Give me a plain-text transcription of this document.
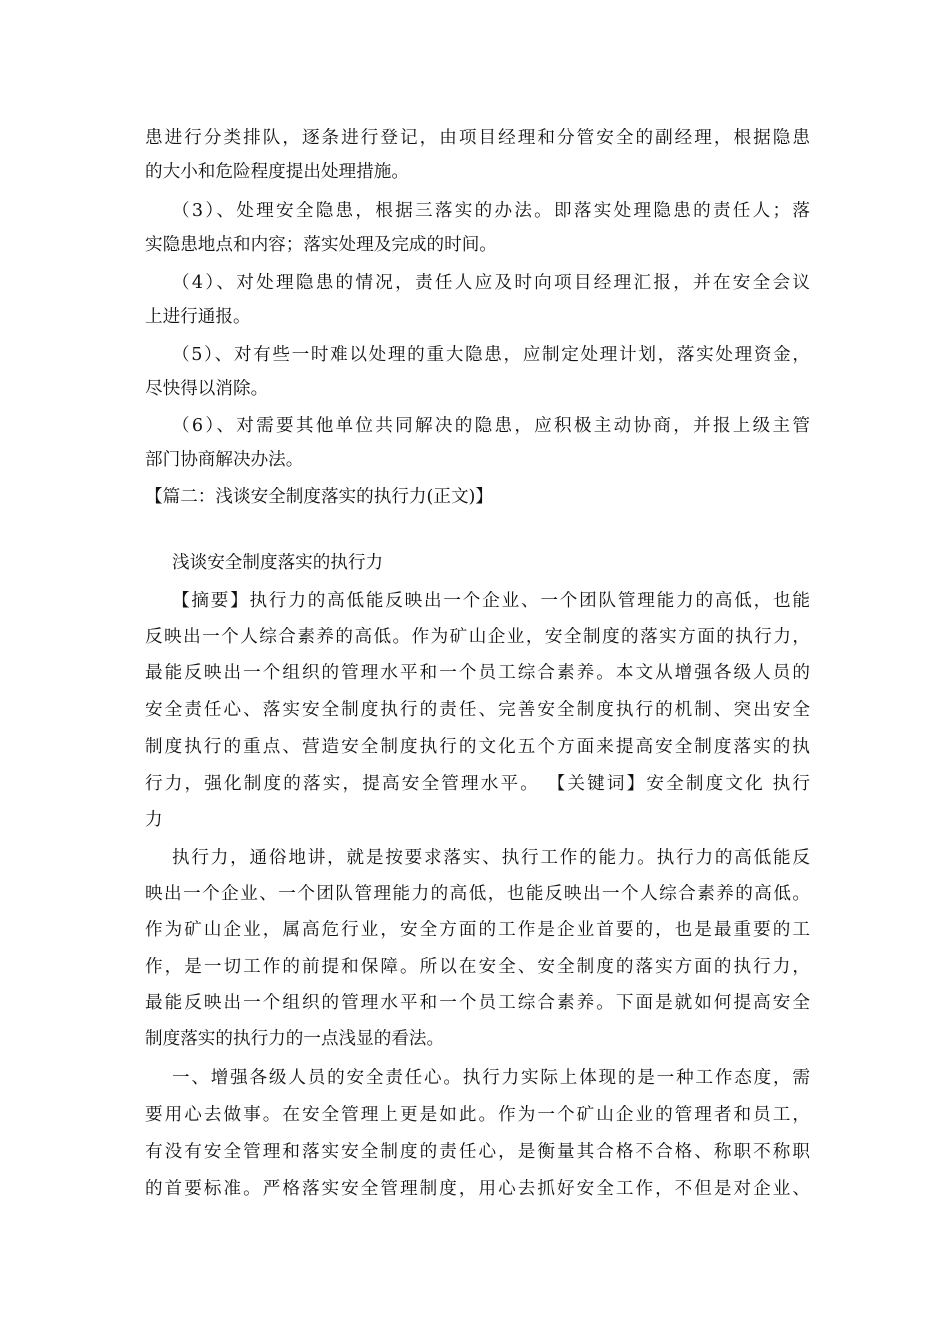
患进行分类排队，逐条进行登记，由项目经理和分管安全的副经理，根据隐患
的大小和危险程度提出处理措施。
（3）、处理安全隐患，根据三落实的办法。即落实处理隐患的责任人；落
实隐患地点和内容；落实处理及完成的时间。
（4）、对处理隐患的情况，责任人应及时向项目经理汇报，并在安全会议
上进行通报。
（5）、对有些一时难以处理的重大隐患，应制定处理计划，落实处理资金，
尽快得以消除。
（6）、对需要其他单位共同解决的隐患，应积极主动协商，并报上级主管
部门协商解决办法。
【篇二：浅谈安全制度落实的执行力(正文)】
浅谈安全制度落实的执行力
【摘要】执行力的高低能反映出一个企业、一个团队管理能力的高低，也能
反映出一个人综合素养的高低。作为矿山企业，安全制度的落实方面的执行力，
最能反映出一个组织的管理水平和一个员工综合素养。本文从增强各级人员的
安全责任心、落实安全制度执行的责任、完善安全制度执行的机制、突出安全
制度执行的重点、营造安全制度执行的文化五个方面来提高安全制度落实的执
行力，强化制度的落实，提高安全管理水平。 【关键词】安全制度文化 执行
力
执行力，通俗地讲，就是按要求落实、执行工作的能力。执行力的高低能反
映出一个企业、一个团队管理能力的高低，也能反映出一个人综合素养的高低。
作为矿山企业，属高危行业，安全方面的工作是企业首要的，也是最重要的工
作，是一切工作的前提和保障。所以在安全、安全制度的落实方面的执行力，
最能反映出一个组织的管理水平和一个员工综合素养。下面是就如何提高安全
制度落实的执行力的一点浅显的看法。
一、增强各级人员的安全责任心。执行力实际上体现的是一种工作态度，需
要用心去做事。在安全管理上更是如此。作为一个矿山企业的管理者和员工，
有没有安全管理和落实安全制度的责任心，是衡量其合格不合格、称职不称职
的首要标准。严格落实安全管理制度，用心去抓好安全工作，不但是对企业、
